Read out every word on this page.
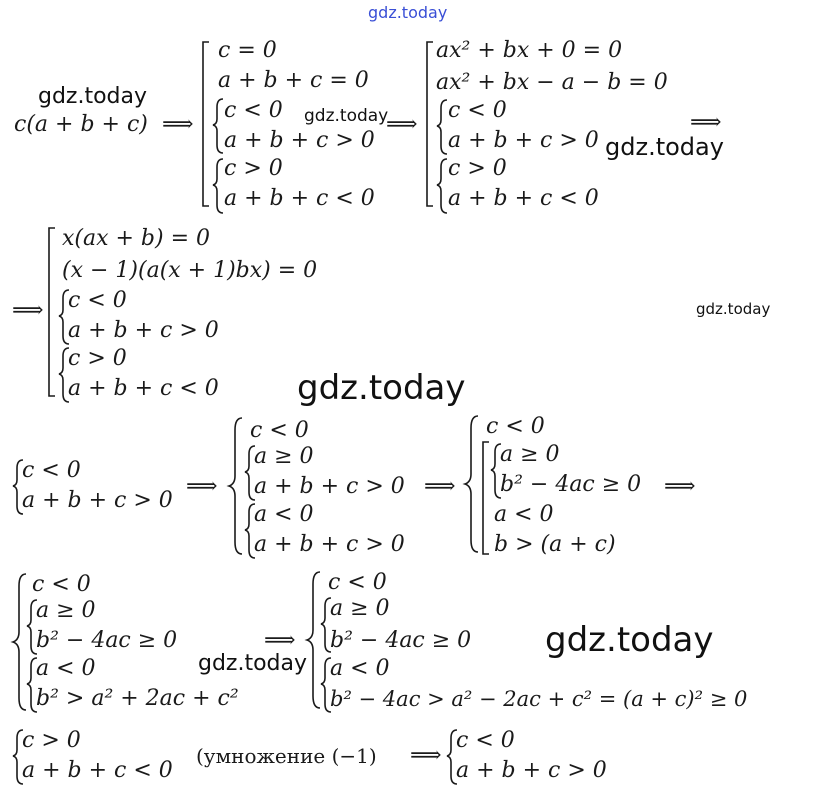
gdz.today
gdz.today
gdz.today
gdz.today
gdz.today
gdz.today
gdz.today
gdz.today
c(a + b + c) ⟹
c = 0
a + b + c = 0
c < 0
a + b + c > 0
c > 0
a + b + c < 0
⟹
ax² + bx + 0 = 0
ax² + bx − a − b = 0
c < 0
a + b + c > 0
c > 0
a + b + c < 0
⟹
⟹
x(ax + b) = 0
(x − 1)(a(x + 1)bx) = 0
c < 0
a + b + c > 0
c > 0
a + b + c < 0
c < 0
a + b + c > 0
⟹
c < 0
a ≥ 0
a + b + c > 0
a < 0
a + b + c > 0
⟹
c < 0
a ≥ 0
b² − 4ac ≥ 0
a < 0
b > (a + c)
⟹
c < 0
a ≥ 0
b² − 4ac ≥ 0
a < 0
b² > a² + 2ac + c²
⟹
c < 0
a ≥ 0
b² − 4ac ≥ 0
a < 0
b² − 4ac > a² − 2ac + c² = (a + c)² ≥ 0
c > 0
a + b + c < 0
(умножение (−1) ⟹
c < 0
a + b + c > 0
